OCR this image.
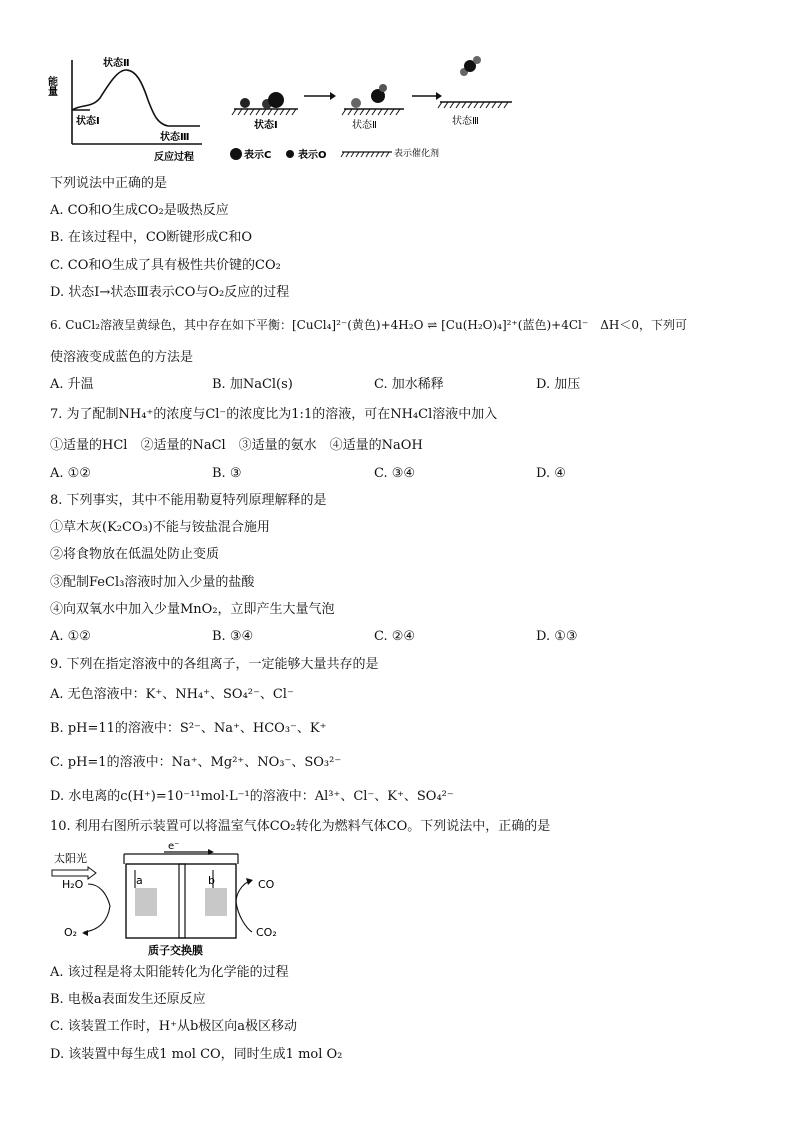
能量
状态Ⅱ
状态Ⅰ
状态Ⅲ
反应过程
状态Ⅰ	状态Ⅱ	状态Ⅲ
表示C	表示O	表示催化剂
下列说法中正确的是
A. CO和O生成CO₂是吸热反应
B. 在该过程中，CO断键形成C和O
C. CO和O生成了具有极性共价键的CO₂
D. 状态Ⅰ→状态Ⅲ表示CO与O₂反应的过程
6. CuCl₂溶液呈黄绿色，其中存在如下平衡：[CuCl₄]²⁻(黄色)+4H₂O ⇌ [Cu(H₂O)₄]²⁺(蓝色)+4Cl⁻　ΔH＜0，下列可
使溶液变成蓝色的方法是
A. 升温	B. 加NaCl(s)	C. 加水稀释	D. 加压
7. 为了配制NH₄⁺的浓度与Cl⁻的浓度比为1:1的溶液，可在NH₄Cl溶液中加入
①适量的HCl　②适量的NaCl　③适量的氨水　④适量的NaOH
A. ①②	B. ③	C. ③④	D. ④
8. 下列事实，其中不能用勒夏特列原理解释的是
①草木灰(K₂CO₃)不能与铵盐混合施用
②将食物放在低温处防止变质
③配制FeCl₃溶液时加入少量的盐酸
④向双氧水中加入少量MnO₂，立即产生大量气泡
A. ①②	B. ③④	C. ②④	D. ①③
9. 下列在指定溶液中的各组离子，一定能够大量共存的是
A. 无色溶液中：K⁺、NH₄⁺、SO₄²⁻、Cl⁻
B. pH=11的溶液中：S²⁻、Na⁺、HCO₃⁻、K⁺
C. pH=1的溶液中：Na⁺、Mg²⁺、NO₃⁻、SO₃²⁻
D. 水电离的c(H⁺)=10⁻¹¹mol·L⁻¹的溶液中：Al³⁺、Cl⁻、K⁺、SO₄²⁻
10. 利用右图所示装置可以将温室气体CO₂转化为燃料气体CO。下列说法中，正确的是
太阳光
e⁻
a	b
H₂O
O₂
CO
CO₂
质子交换膜
A. 该过程是将太阳能转化为化学能的过程
B. 电极a表面发生还原反应
C. 该装置工作时，H⁺从b极区向a极区移动
D. 该装置中每生成1 mol CO，同时生成1 mol O₂
